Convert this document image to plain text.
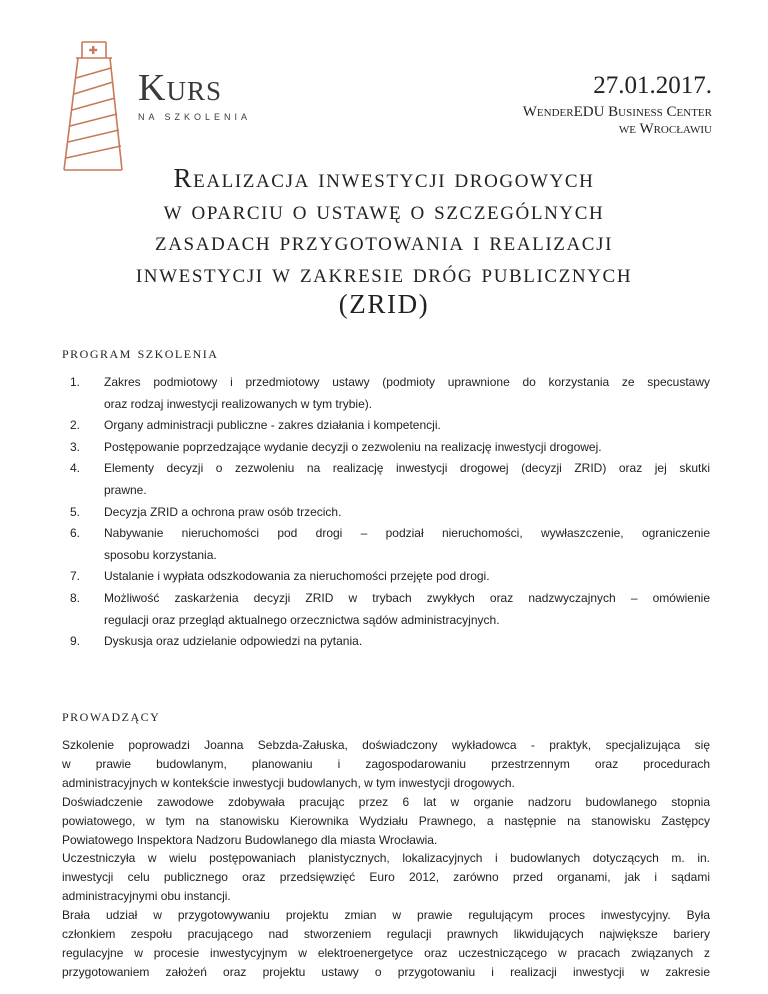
Kurs
NA SZKOLENIA
27.01.2017.
WenderEDU Business Center
we Wrocławiu
Realizacja inwestycji drogowych
w oparciu o ustawę o szczególnych
zasadach przygotowania i realizacji
inwestycji w zakresie dróg publicznych
(ZRID)
program szkolenia
1.	Zakres podmiotowy i przedmiotowy ustawy (podmioty uprawnione do korzystania ze specustawy
oraz rodzaj inwestycji realizowanych w tym trybie).
2.	Organy administracji publiczne - zakres działania i kompetencji.
3.	Postępowanie poprzedzające wydanie decyzji o zezwoleniu na realizację inwestycji drogowej.
4.	Elementy decyzji o zezwoleniu na realizację inwestycji drogowej (decyzji ZRID) oraz jej skutki
prawne.
5.	Decyzja ZRID a ochrona praw osób trzecich.
6.	Nabywanie nieruchomości pod drogi – podział nieruchomości, wywłaszczenie, ograniczenie
sposobu korzystania.
7.	Ustalanie i wypłata odszkodowania za nieruchomości przejęte pod drogi.
8.	Możliwość zaskarżenia decyzji ZRID w trybach zwykłych oraz nadzwyczajnych – omówienie
regulacji oraz przegląd aktualnego orzecznictwa sądów administracyjnych.
9.	Dyskusja oraz udzielanie odpowiedzi na pytania.
prowadzący
Szkolenie poprowadzi Joanna Sebzda-Załuska, doświadczony wykładowca - praktyk, specjalizująca się
w prawie budowlanym, planowaniu i zagospodarowaniu przestrzennym oraz procedurach
administracyjnych w kontekście inwestycji budowlanych, w tym inwestycji drogowych.
Doświadczenie zawodowe zdobywała pracując przez 6 lat w organie nadzoru budowlanego stopnia
powiatowego, w tym na stanowisku Kierownika Wydziału Prawnego, a następnie na stanowisku Zastępcy
Powiatowego Inspektora Nadzoru Budowlanego dla miasta Wrocławia.
Uczestniczyła w wielu postępowaniach planistycznych, lokalizacyjnych i budowlanych dotyczących m. in.
inwestycji celu publicznego oraz przedsięwzięć Euro 2012, zarówno przed organami, jak i sądami
administracyjnymi obu instancji.
Brała udział w przygotowywaniu projektu zmian w prawie regulującym proces inwestycyjny. Była
członkiem zespołu pracującego nad stworzeniem regulacji prawnych likwidujących największe bariery
regulacyjne w procesie inwestycyjnym w elektroenergetyce oraz uczestniczącego w pracach związanych z
przygotowaniem założeń oraz projektu ustawy o przygotowaniu i realizacji inwestycji w zakresie
